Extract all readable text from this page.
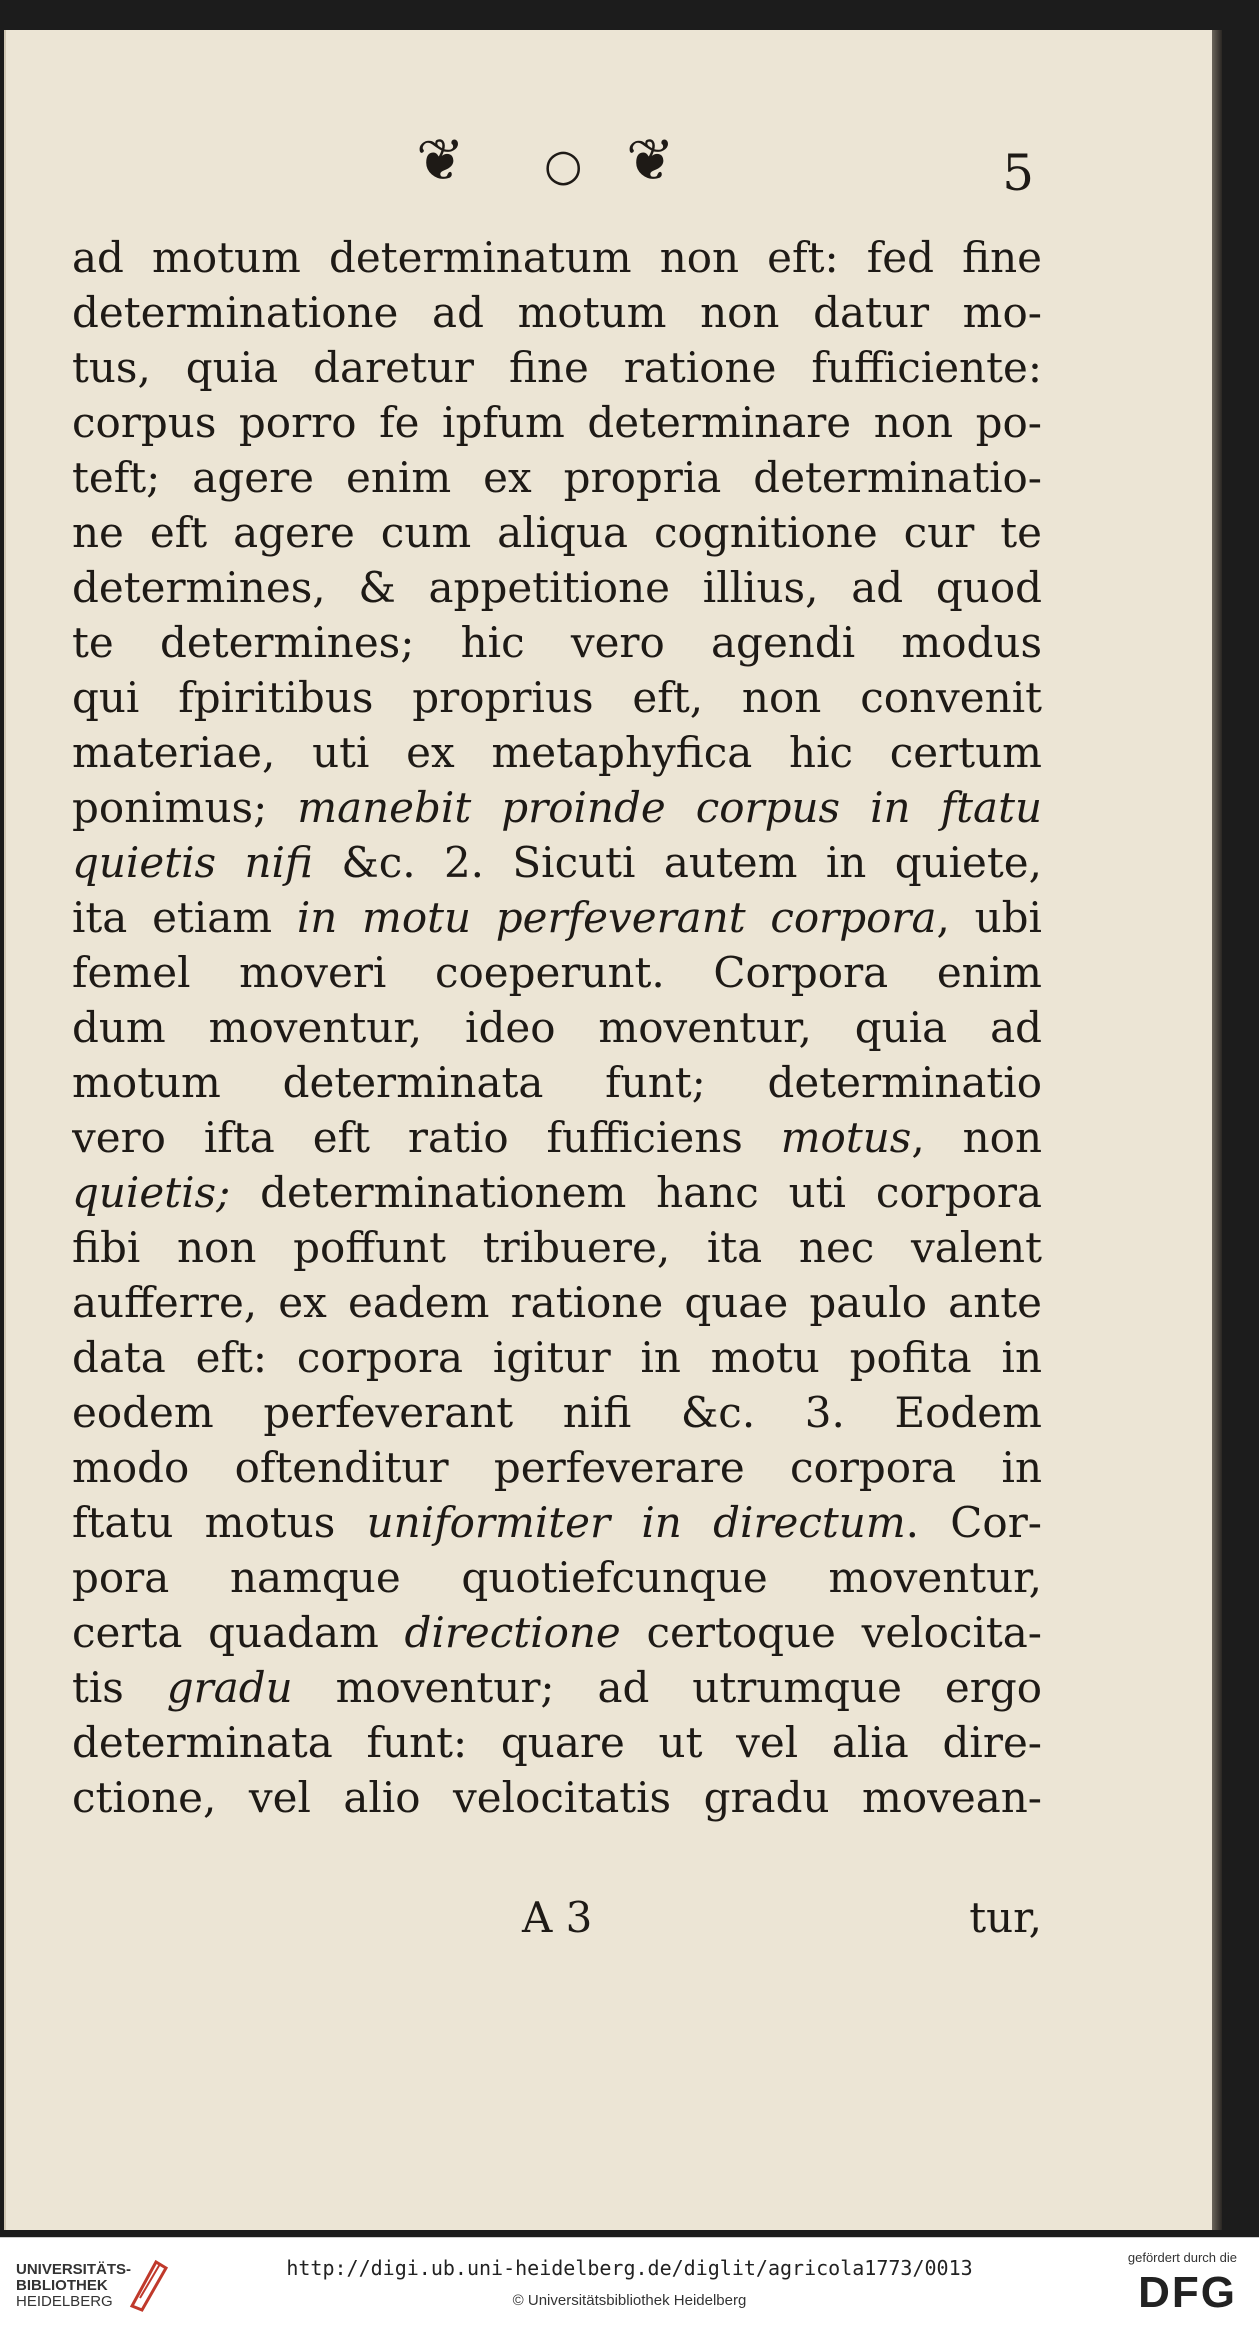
❦ ○ ❦	5
ad motum determinatum non eft: fed fine
determinatione ad motum non datur mo-
tus, quia daretur fine ratione fufficiente:
corpus porro fe ipfum determinare non po-
teft; agere enim ex propria determinatio-
ne eft agere cum aliqua cognitione cur te
determines, & appetitione illius, ad quod
te determines; hic vero agendi modus
qui fpiritibus proprius eft, non convenit
materiae, uti ex metaphyfica hic certum
ponimus; manebit proinde corpus in ftatu
quietis nifi &c. 2. Sicuti autem in quiete,
ita etiam in motu perfeverant corpora, ubi
femel moveri coeperunt. Corpora enim
dum moventur, ideo moventur, quia ad
motum determinata funt; determinatio
vero ifta eft ratio fufficiens motus, non
quietis; determinationem hanc uti corpora
fibi non poffunt tribuere, ita nec valent
aufferre, ex eadem ratione quae paulo ante
data eft: corpora igitur in motu pofita in
eodem perfeverant nifi &c. 3. Eodem
modo oftenditur perfeverare corpora in
ftatu motus uniformiter in directum. Cor-
pora namque quotiefcunque moventur,
certa quadam directione certoque velocita-
tis gradu moventur; ad utrumque ergo
determinata funt: quare ut vel alia dire-
ctione, vel alio velocitatis gradu movean-
A 3	tur,
UNIVERSITÄTS-
BIBLIOTHEK
HEIDELBERG
http://digi.ub.uni-heidelberg.de/diglit/agricola1773/0013
© Universitätsbibliothek Heidelberg
gefördert durch die
DFG
